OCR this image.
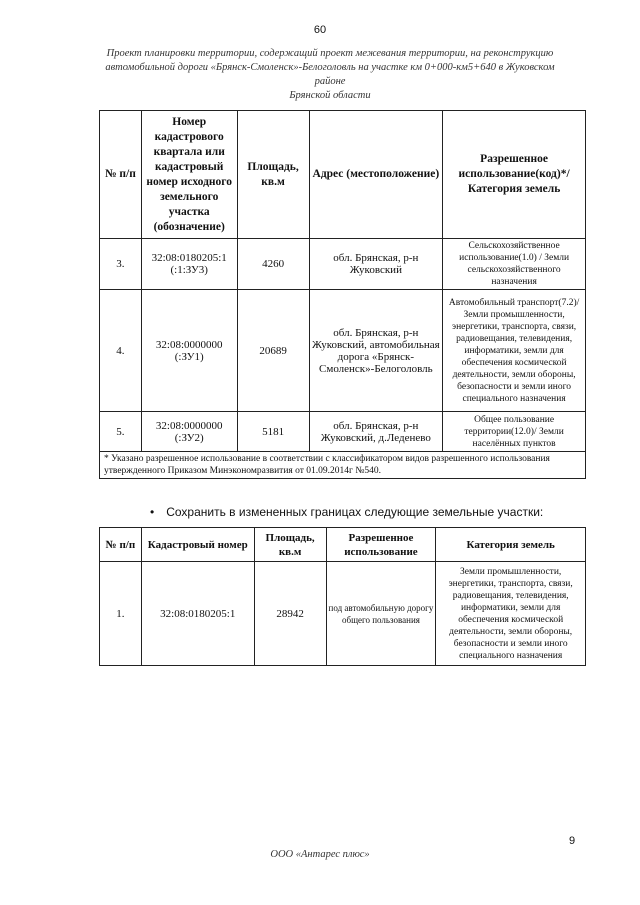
60
Проект планировки территории, содержащий проект межевания территории, на реконструкцию
автомобильной дороги «Брянск-Смоленск»-Белоголовль на участке км 0+000-км5+640 в Жуковском районе
Брянской области
№ п/п	Номер кадастрового квартала или кадастровый номер исходного земельного участка (обозначение)	Площадь, кв.м	Адрес (местоположение)	Разрешенное использование(код)*/ Категория земель
3.	32:08:0180205:1 (:1:ЗУ3)	4260	обл. Брянская, р-н Жуковский	Сельскохозяйственное использование(1.0) / Земли сельскохозяйственного назначения
4.	32:08:0000000 (:ЗУ1)	20689	обл. Брянская, р-н Жуковский, автомобильная дорога «Брянск-Смоленск»-Белоголовль	Автомобильный транспорт(7.2)/ Земли промышленности, энергетики, транспорта, связи, радиовещания, телевидения, информатики, земли для обеспечения космической деятельности, земли обороны, безопасности и земли иного специального назначения
5.	32:08:0000000 (:ЗУ2)	5181	обл. Брянская, р-н Жуковский, д.Леденево	Общее пользование территории(12.0)/ Земли населённых пунктов
* Указано разрешенное использование в соответствии с классификатором видов разрешенного использования утвержденного Приказом Минэкономразвития от 01.09.2014г №540.				
• Сохранить в измененных границах следующие земельные участки:
№ п/п	Кадастровый номер	Площадь, кв.м	Разрешенное использование	Категория земель
1.	32:08:0180205:1	28942	под автомобильную дорогу общего пользования	Земли промышленности, энергетики, транспорта, связи, радиовещания, телевидения, информатики, земли для обеспечения космической деятельности, земли обороны, безопасности и земли иного специального назначения
9
ООО «Антарес плюс»
